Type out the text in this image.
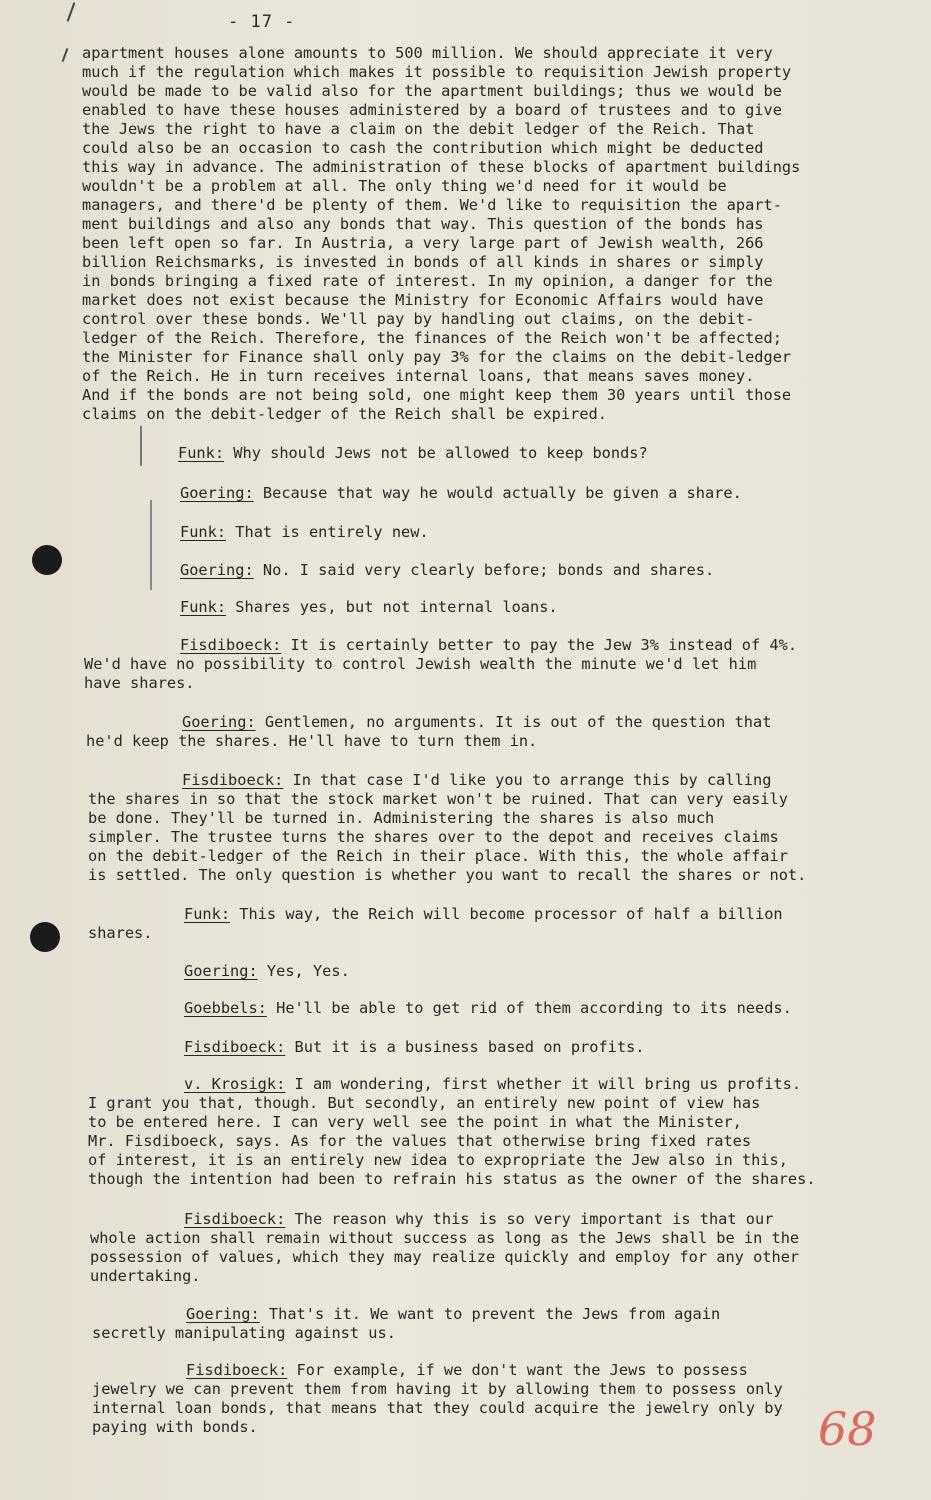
- 17 -
apartment houses alone amounts to 500 million. We should appreciate it very
much if the regulation which makes it possible to requisition Jewish property
would be made to be valid also for the apartment buildings; thus we would be
enabled to have these houses administered by a board of trustees and to give
the Jews the right to have a claim on the debit ledger of the Reich. That
could also be an occasion to cash the contribution which might be deducted
this way in advance. The administration of these blocks of apartment buildings
wouldn't be a problem at all. The only thing we'd need for it would be
managers, and there'd be plenty of them. We'd like to requisition the apart-
ment buildings and also any bonds that way. This question of the bonds has
been left open so far. In Austria, a very large part of Jewish wealth, 266
billion Reichsmarks, is invested in bonds of all kinds in shares or simply
in bonds bringing a fixed rate of interest. In my opinion, a danger for the
market does not exist because the Ministry for Economic Affairs would have
control over these bonds. We'll pay by handling out claims, on the debit-
ledger of the Reich. Therefore, the finances of the Reich won't be affected;
the Minister for Finance shall only pay 3% for the claims on the debit-ledger
of the Reich. He in turn receives internal loans, that means saves money.
And if the bonds are not being sold, one might keep them 30 years until those
claims on the debit-ledger of the Reich shall be expired.
Funk: Why should Jews not be allowed to keep bonds?
Goering: Because that way he would actually be given a share.
Funk: That is entirely new.
Goering: No. I said very clearly before; bonds and shares.
Funk: Shares yes, but not internal loans.
Fisdiboeck: It is certainly better to pay the Jew 3% instead of 4%.
We'd have no possibility to control Jewish wealth the minute we'd let him
have shares.
Goering: Gentlemen, no arguments. It is out of the question that
he'd keep the shares. He'll have to turn them in.
Fisdiboeck: In that case I'd like you to arrange this by calling
the shares in so that the stock market won't be ruined. That can very easily
be done. They'll be turned in. Administering the shares is also much
simpler. The trustee turns the shares over to the depot and receives claims
on the debit-ledger of the Reich in their place. With this, the whole affair
is settled. The only question is whether you want to recall the shares or not.
Funk: This way, the Reich will become processor of half a billion
shares.
Goering: Yes, Yes.
Goebbels: He'll be able to get rid of them according to its needs.
Fisdiboeck: But it is a business based on profits.
v. Krosigk: I am wondering, first whether it will bring us profits.
I grant you that, though. But secondly, an entirely new point of view has
to be entered here. I can very well see the point in what the Minister,
Mr. Fisdiboeck, says. As for the values that otherwise bring fixed rates
of interest, it is an entirely new idea to expropriate the Jew also in this,
though the intention had been to refrain his status as the owner of the shares.
Fisdiboeck: The reason why this is so very important is that our
whole action shall remain without success as long as the Jews shall be in the
possession of values, which they may realize quickly and employ for any other
undertaking.
Goering: That's it. We want to prevent the Jews from again
secretly manipulating against us.
Fisdiboeck: For example, if we don't want the Jews to possess
jewelry we can prevent them from having it by allowing them to possess only
internal loan bonds, that means that they could acquire the jewelry only by
paying with bonds.	68
